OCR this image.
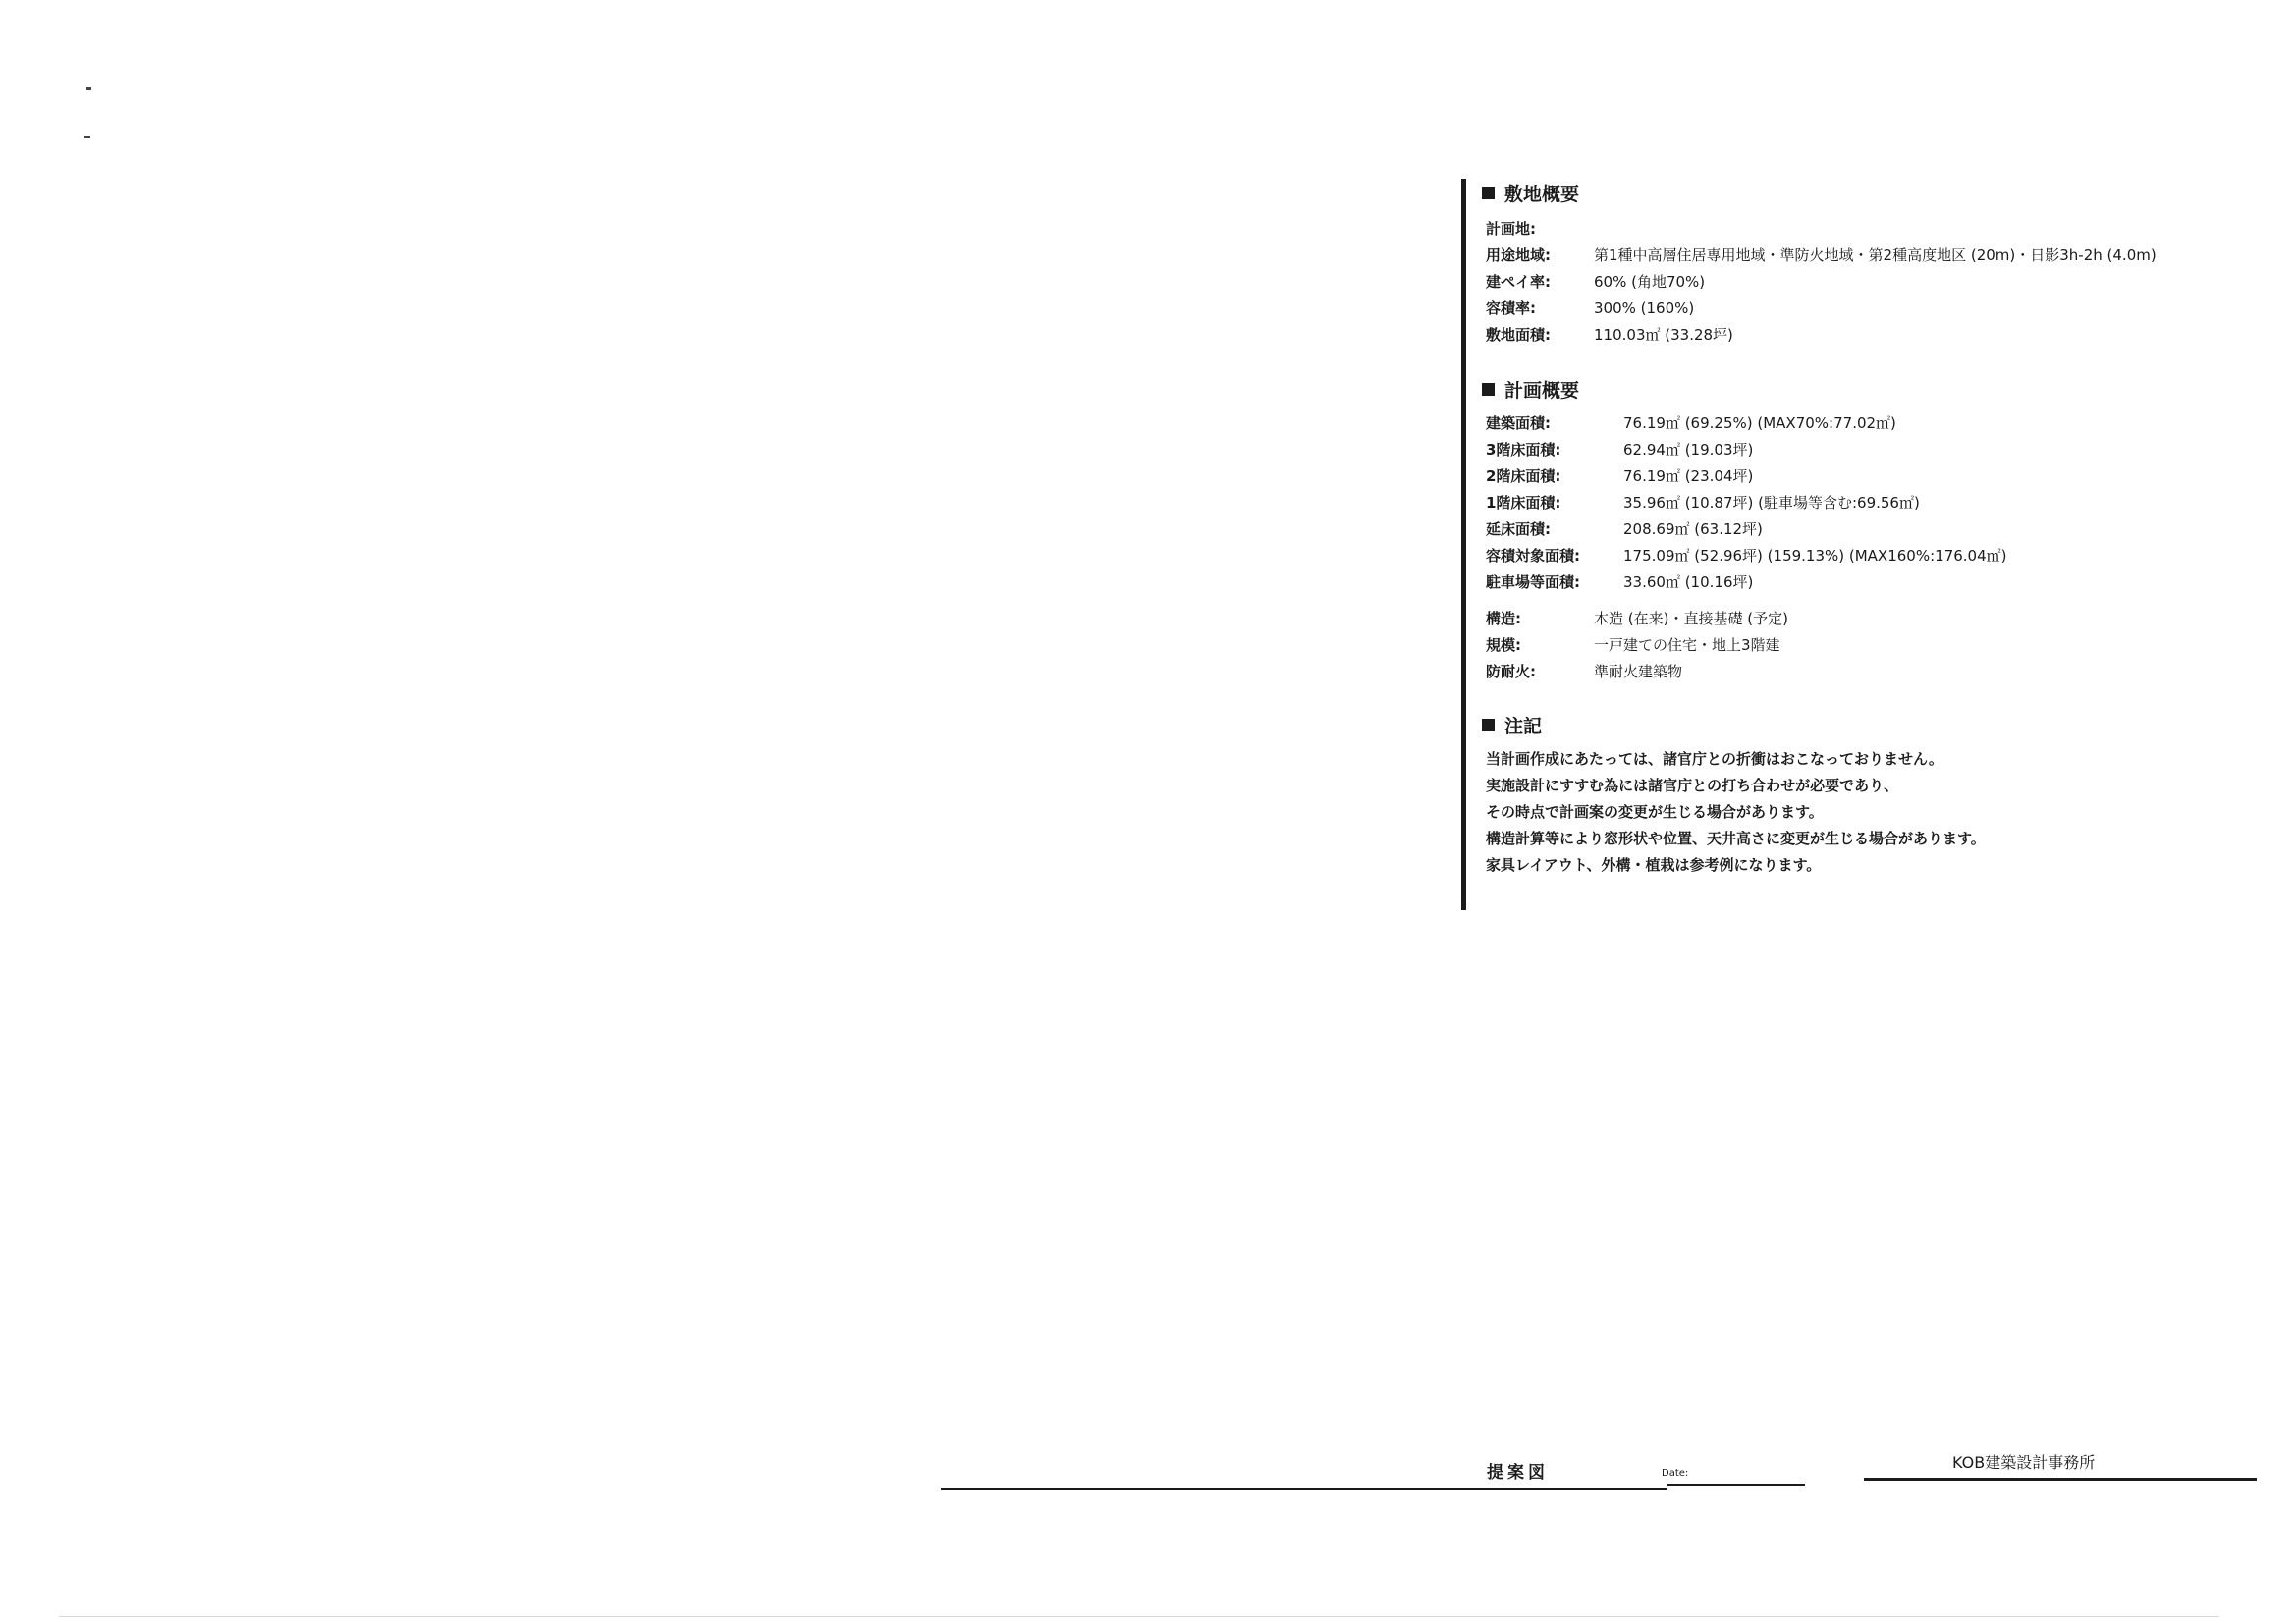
敷地概要
計画地:
用途地域:	第1種中高層住居専用地域・準防火地域・第2種高度地区 (20m)・日影3h-2h (4.0m)
建ぺイ率:	60% (角地70%)
容積率:	300% (160%)
敷地面積:	110.03㎡ (33.28坪)
計画概要
建築面積:	76.19㎡ (69.25%) (MAX70%:77.02㎡)
3階床面積:	62.94㎡ (19.03坪)
2階床面積:	76.19㎡ (23.04坪)
1階床面積:	35.96㎡ (10.87坪) (駐車場等含む:69.56㎡)
延床面積:	208.69㎡ (63.12坪)
容積対象面積:	175.09㎡ (52.96坪) (159.13%) (MAX160%:176.04㎡)
駐車場等面積:	33.60㎡ (10.16坪)
構造:	木造 (在来)・直接基礎 (予定)
規模:	一戸建ての住宅・地上3階建
防耐火:	準耐火建築物
注記
当計画作成にあたっては、諸官庁との折衝はおこなっておりません。
実施設計にすすむ為には諸官庁との打ち合わせが必要であり、
その時点で計画案の変更が生じる場合があります。
構造計算等により窓形状や位置、天井高さに変更が生じる場合があります。
家具レイアウト、外構・植栽は参考例になります。
提案図	Date:
KOB建築設計事務所
